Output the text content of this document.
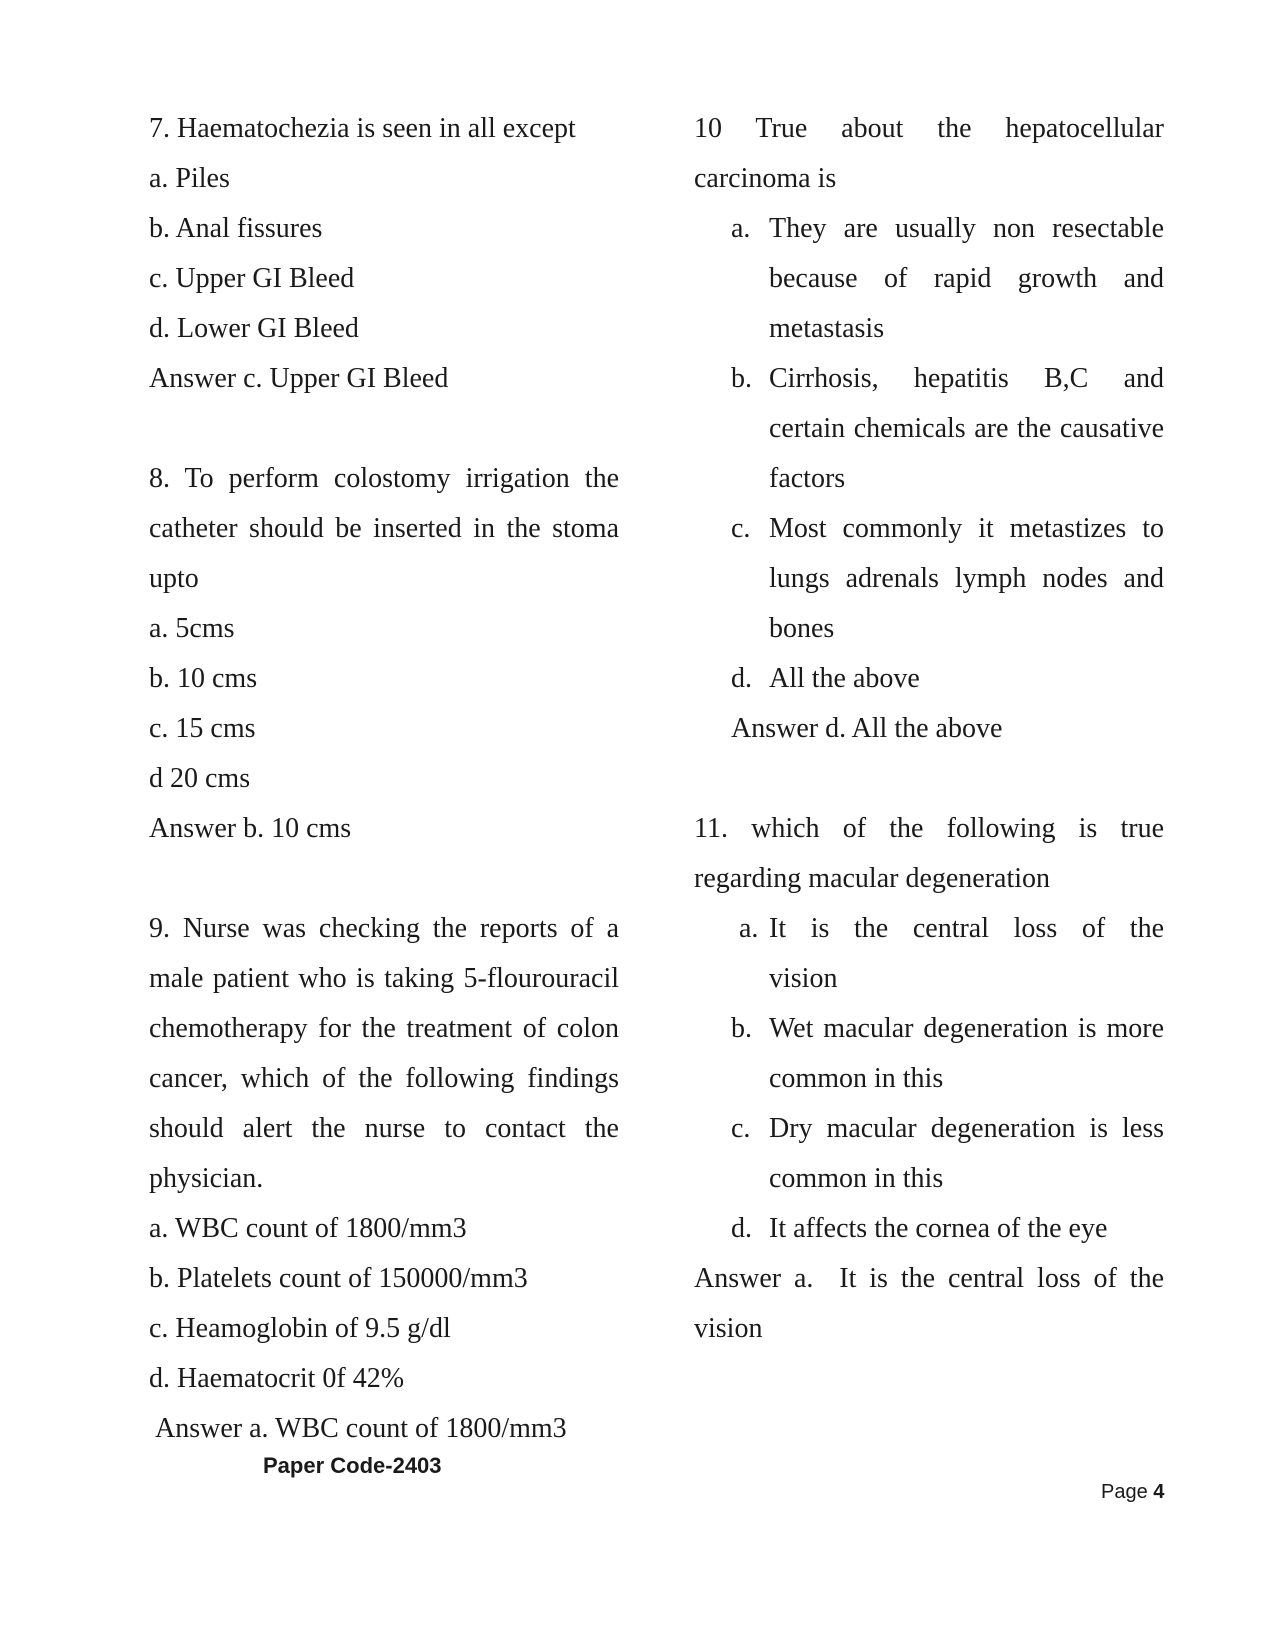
7. Haematochezia is seen in all except
a. Piles
b. Anal fissures
c. Upper GI Bleed
d. Lower GI Bleed
Answer c. Upper GI Bleed
8. To perform colostomy irrigation the
catheter should be inserted in the stoma
upto
a. 5cms
b. 10 cms
c. 15 cms
d 20 cms
Answer b. 10 cms
9. Nurse was checking the reports of a
male patient who is taking 5-flourouracil
chemotherapy for the treatment of colon
cancer, which of the following findings
should alert the nurse to contact the
physician.
a. WBC count of 1800/mm3
b. Platelets count of 150000/mm3
c. Heamoglobin of 9.5 g/dl
d. Haematocrit 0f 42%
Answer a. WBC count of 1800/mm3
10 True about the hepatocellular
carcinoma is
a. They are usually non resectable
because of rapid growth and
metastasis
b. Cirrhosis, hepatitis B,C and
certain chemicals are the causative
factors
c. Most commonly it metastizes to
lungs adrenals lymph nodes and
bones
d. All the above
Answer d. All the above
11. which of the following is true
regarding macular degeneration
a. It is the central loss of the
vision
b. Wet macular degeneration is more
common in this
c. Dry macular degeneration is less
common in this
d. It affects the cornea of the eye
Answer a.  It is the central loss of the
vision
Paper Code-2403
Page 4
